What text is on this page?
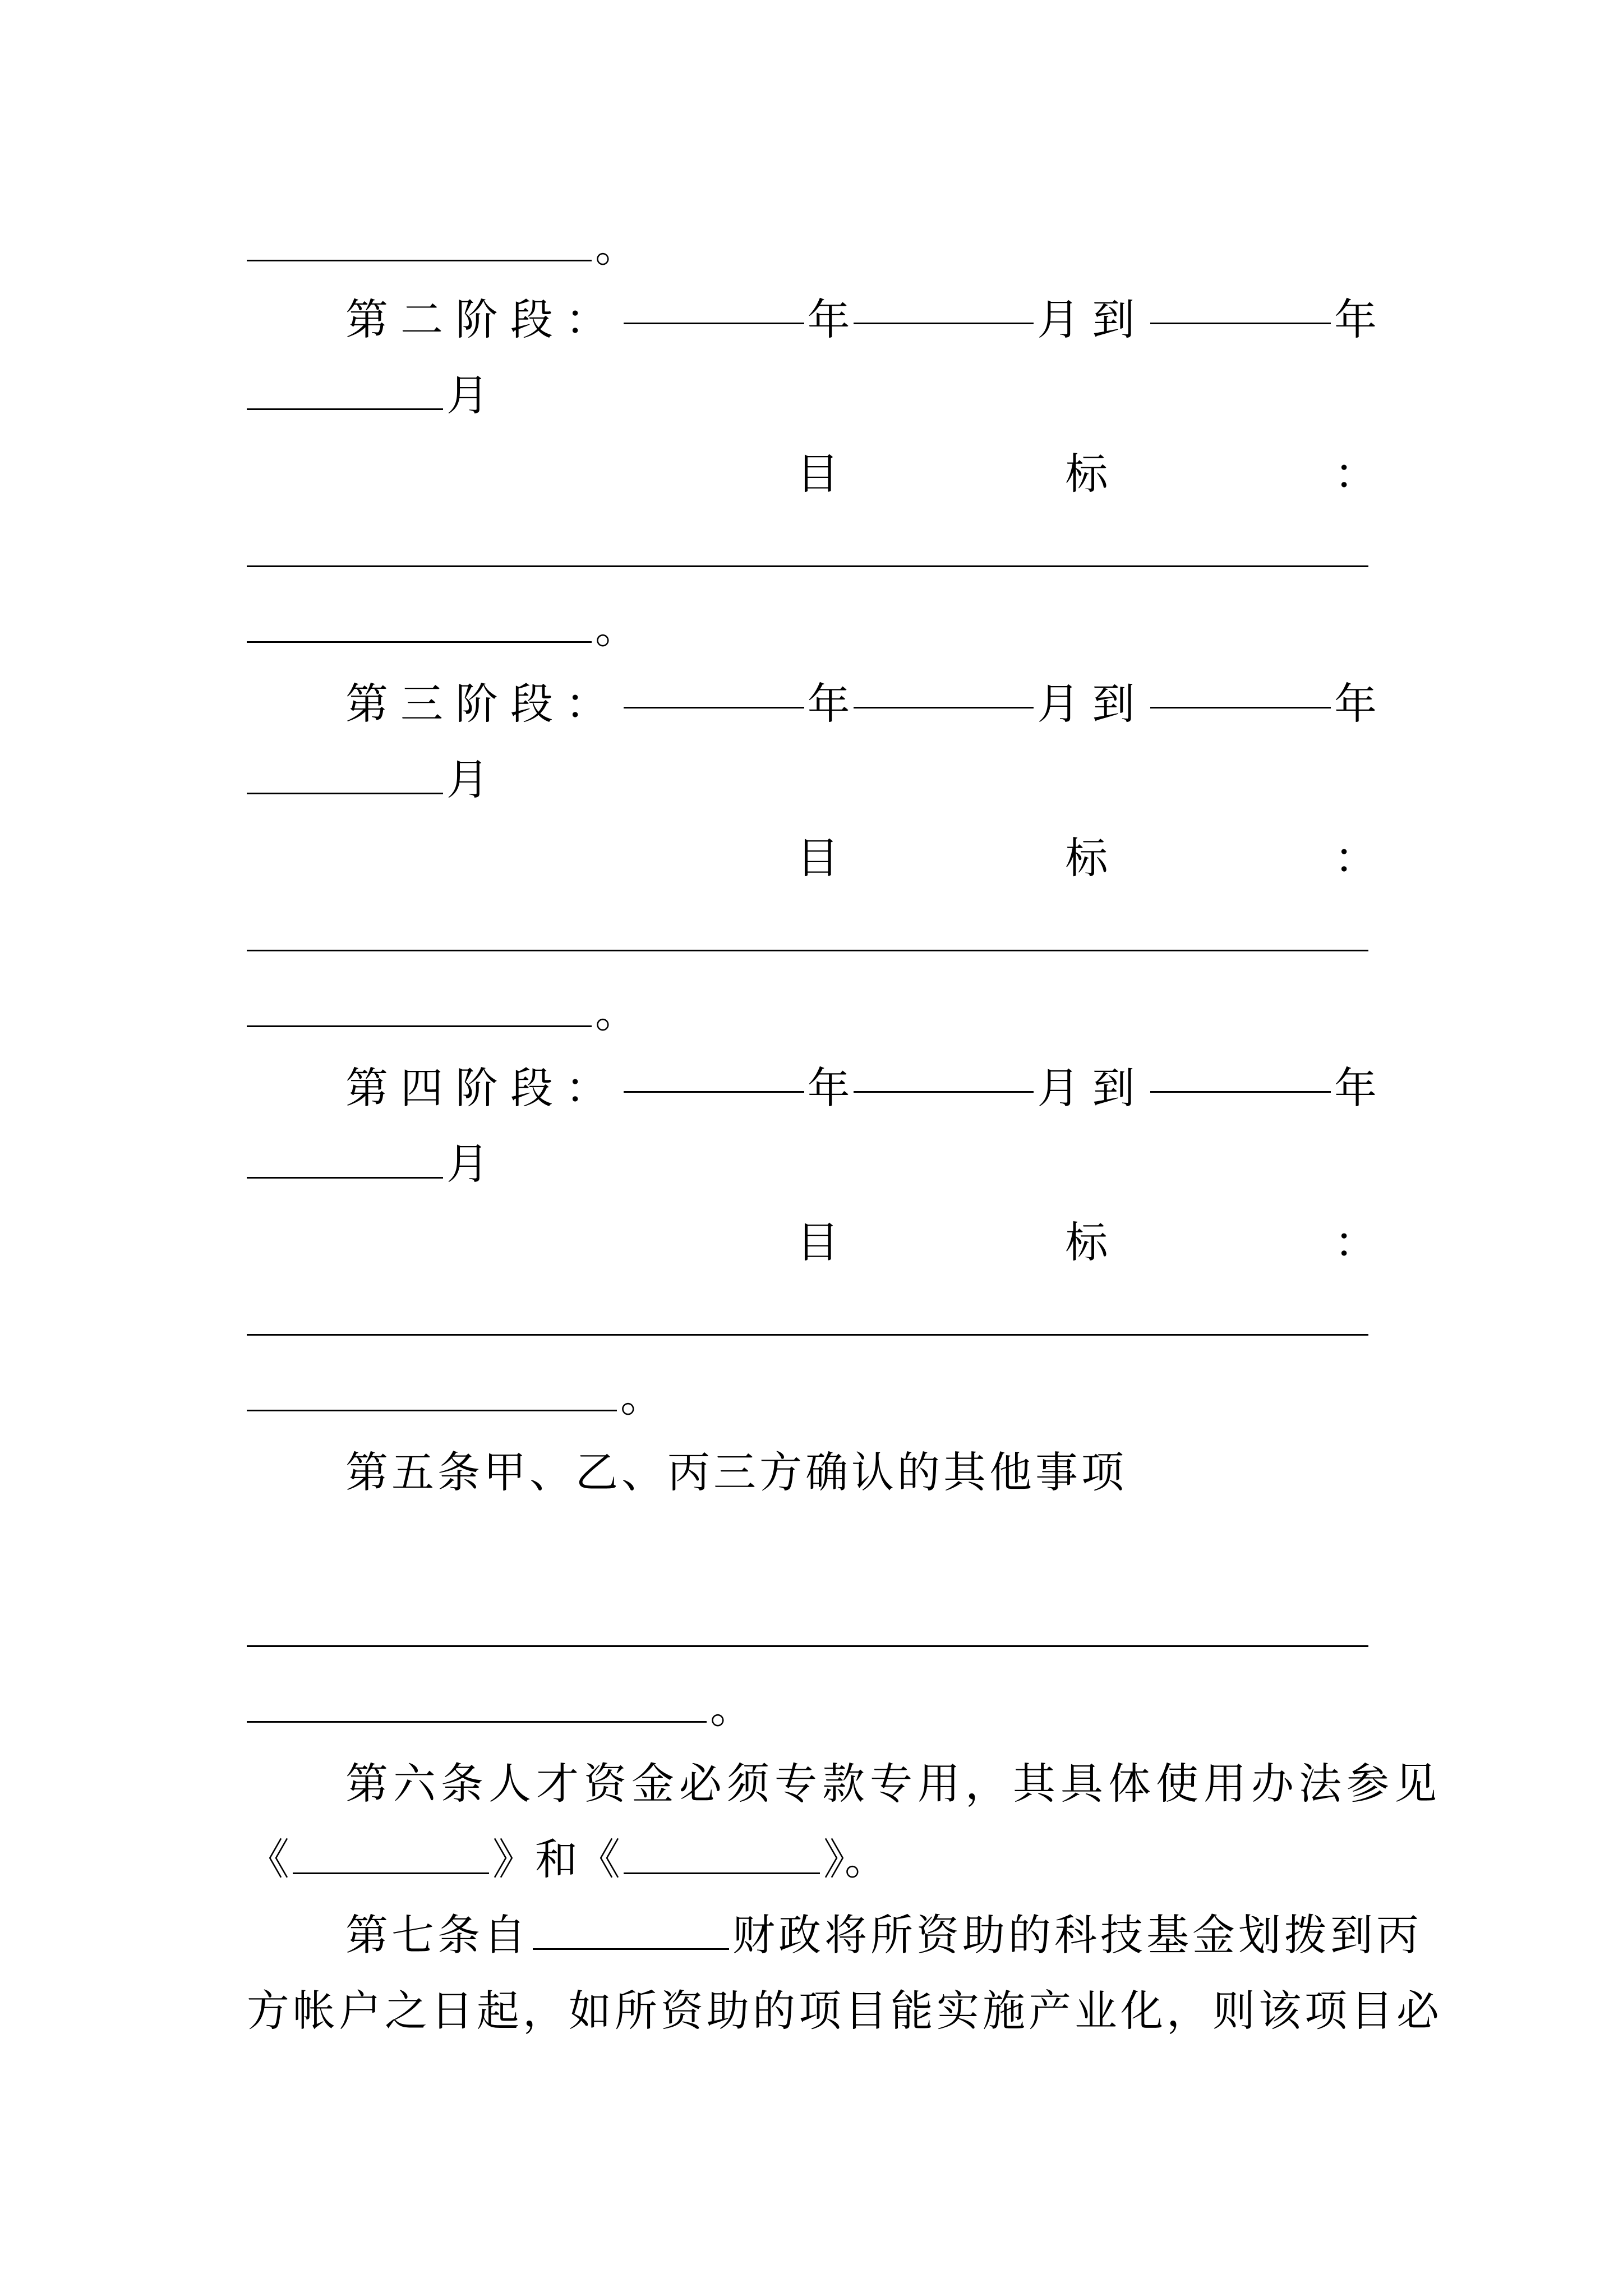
。
第二阶段：	年	月到	年
月
目	标	：
。
第三阶段：	年	月到	年
月
目	标	：
。
第四阶段：	年	月到	年
月
目	标	：
。
第五条甲、乙、丙三方确认的其他事项
。
第六条人才资金必须专款专用，其具体使用办法参见
《	》和《	》。
第七条自	财政将所资助的科技基金划拨到丙
方帐户之日起，如所资助的项目能实施产业化，则该项目必
